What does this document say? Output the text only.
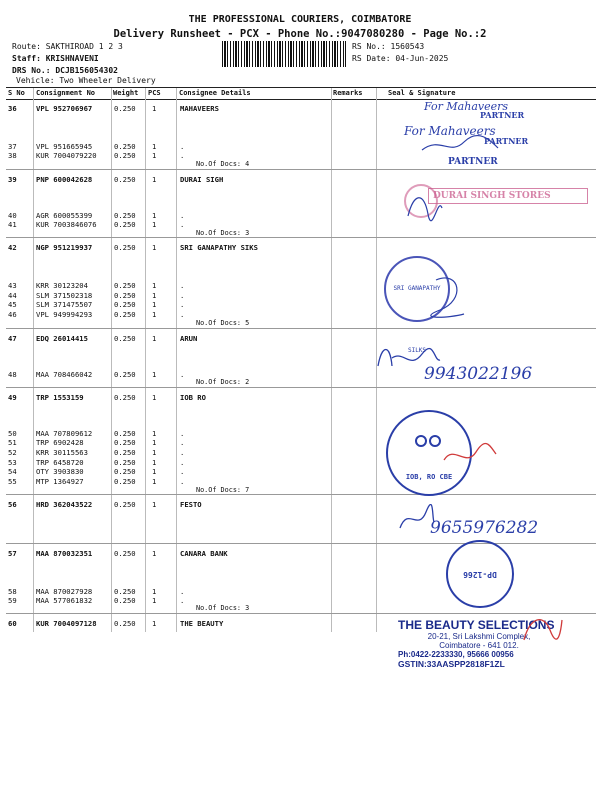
THE PROFESSIONAL COURIERS, COIMBATORE
Delivery Runsheet - PCX - Phone No.:9047080280 - Page No.:2
Route: SAKTHIROAD 1 2 3
Staff: KRISHNAVENI
DRS No.: DCJB156054302
Vehicle: Two Wheeler Delivery
RS No.: 1560543
RS Date: 04-Jun-2025
S No Consignment No	Weight PCS	Consignee Details	Remarks	Seal & Signature
36	VPL 952706967	0.250 1	MAHAVEERS
37	VPL 951665945	0.250 1	.
38	KUR 7004079220 0.250 1	.
No.Of Docs: 4
39	PNP 600042628	0.250 1	DURAI SIGH
40	AGR 600055399	0.250 1	.
41	KUR 7003846076 0.250 1	.
No.Of Docs: 3
42	NGP 951219937	0.250 1	SRI GANAPATHY SIKS
43	KRR 30123204	0.250 1	.
44	SLM 371502318	0.250 1	.
45	SLM 371475507	0.250 1	.
46	VPL 949994293	0.250 1	.
No.Of Docs: 5
47	EDQ 26014415	0.250 1	ARUN
48	MAA 708466042	0.250 1	.
No.Of Docs: 2
49	TRP 1553159	0.250 1	IOB RO
50	MAA 707809612	0.250 1	.
51	TRP 6902428	0.250 1	.
52	KRR 30115563	0.250 1	.
53	TRP 6458720	0.250 1	.
54	OTY 3903830	0.250 1	.
55	MTP 1364927	0.250 1	.
No.Of Docs: 7
56	HRD 362043522	0.250 1	FESTO
57	MAA 870032351	0.250 1	CANARA BANK
58	MAA 870027928	0.250 1	.
59	MAA 577061832	0.250 1	.
No.Of Docs: 3
60	KUR 7004097128 0.250 1	THE BEAUTY
For Mahaveers
PARTNER
For Mahaveers
PARTNER
PARTNER
DURAI SINGH STORES
SRI GANAPATHY SILKS
9943022196
IOB, RO CBE
9655976282
DP-1266
THE BEAUTY SELECTIONS
20-21, Sri Lakshmi Complex,
Coimbatore - 641 012.
Ph:0422-2233330, 95666 00956
GSTIN:33AASPP2818F1ZL
